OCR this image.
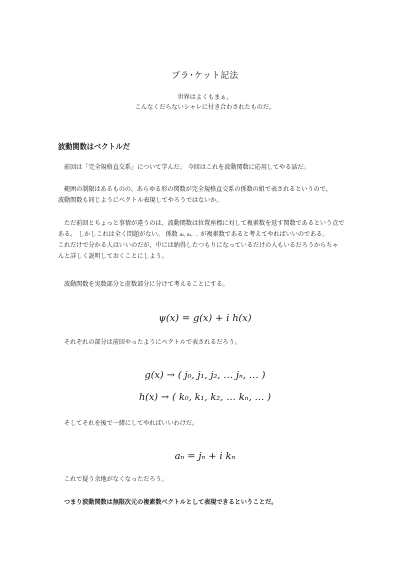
ブラ･ケット記法
世界はよくもまぁ、
こんなくだらないシャレに付き合わされたものだ。
波動関数はベクトルだ
前回は「完全規格直交系」について学んだ。 今回はこれを波動関数に応用してやる話だ。
範囲の制限はあるものの、あらゆる形の関数が完全規格直交系の係数の組で表されるというので、
波動関数も同じようにベクトル表現してやろうではないか。
ただ前回とちょっと事情が違うのは、波動関数は位置座標に対して複素数を返す関数であるという点で
ある。 しかしこれは全く問題がない。 係数 a₀, a₁, … が複素数であると考えてやればいいのである。
これだけで分かる人はいいのだが、中には納得したつもりになっているだけの人もいるだろうからちゃ
んと詳しく説明しておくことにしよう。
波動関数を実数部分と虚数部分に分けて考えることにする。
ψ(x) = g(x) + i h(x)
それぞれの部分は前回やったようにベクトルで表されるだろう。
g(x) → ( j₀, j₁, j₂, … jₙ, … )
h(x) → ( k₀, k₁, k₂, … kₙ, … )
そしてそれを後で一緒にしてやればいいわけだ。
aₙ = jₙ + i kₙ
これで疑う余地がなくなっただろう。
つまり波動関数は無限次元の複素数ベクトルとして表現できるということだ。
